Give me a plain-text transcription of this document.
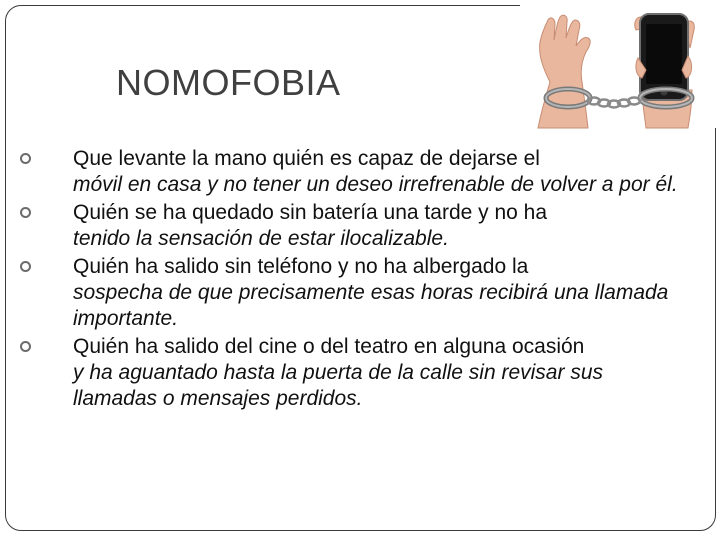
NOMOFOBIA
Que levante la mano quién es capaz de dejarse el
móvil en casa y no tener un deseo irrefrenable de volver a por él.
Quién se ha quedado sin batería una tarde y no ha
tenido la sensación de estar ilocalizable.
Quién ha salido sin teléfono y no ha albergado la
sospecha de que precisamente esas horas recibirá una llamada importante.
Quién ha salido del cine o del teatro en alguna ocasión
y ha aguantado hasta la puerta de la calle sin revisar sus llamadas o mensajes perdidos.
